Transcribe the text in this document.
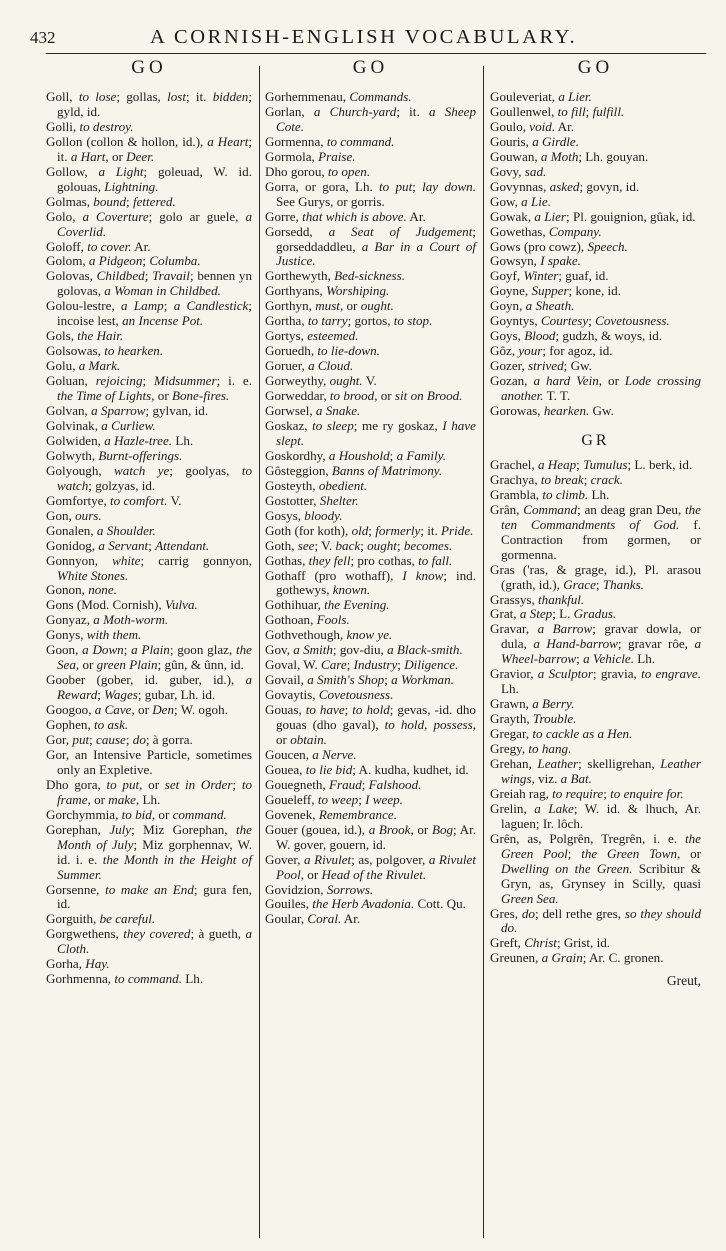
432	A CORNISH-ENGLISH VOCABULARY.
GO	GO	GO

Goll, to lose; gollas, lost; it. bidden; gyld, id.

Golli, to destroy.

Gollon (collon & hollon, id.), a Heart; it. a Hart, or Deer.

Gollow, a Light; goleuad, W. id. golouas, Lightning.

Golmas, bound; fettered.

Golo, a Coverture; golo ar guele, a Coverlid.

Goloff, to cover. Ar.

Golom, a Pidgeon; Columba.

Golovas, Childbed; Travail; bennen yn golovas, a Woman in Childbed.

Golou-lestre, a Lamp; a Candlestick; incoise lest, an Incense Pot.

Gols, the Hair.

Golsowas, to hearken.

Golu, a Mark.

Goluan, rejoicing; Midsummer; i. e. the Time of Lights, or Bone-fires.

Golvan, a Sparrow; gylvan, id.

Golvinak, a Curliew.

Golwiden, a Hazle-tree. Lh.

Golwyth, Burnt-offerings.

Golyough, watch ye; goolyas, to watch; golzyas, id.

Gomfortye, to comfort. V.

Gon, ours.

Gonalen, a Shoulder.

Gonidog, a Servant; Attendant.

Gonnyon, white; carrig gonnyon, White Stones.

Gonon, none.

Gons (Mod. Cornish), Vulva.

Gonyaz, a Moth-worm.

Gonys, with them.

Goon, a Down; a Plain; goon glaz, the Sea, or green Plain; gûn, & ûnn, id.

Goober (gober, id. guber, id.), a Reward; Wages; gubar, Lh. id.

Googoo, a Cave, or Den; W. ogoh.

Gophen, to ask.

Gor, put; cause; do; à gorra.

Gor, an Intensive Particle, sometimes only an Expletive.

Dho gora, to put, or set in Order; to frame, or make, Lh.

Gorchymmia, to bid, or command.

Gorephan, July; Miz Gorephan, the Month of July; Miz gorphennav, W. id. i. e. the Month in the Height of Summer.

Gorsenne, to make an End; gura fen, id.

Gorguith, be careful.

Gorgwethens, they covered; à gueth, a Cloth.

Gorha, Hay.

Gorhmenna, to command. Lh.

Gorhemmenau, Commands.

Gorlan, a Church-yard; it. a Sheep Cote.

Gormenna, to command.

Gormola, Praise.

Dho gorou, to open.

Gorra, or gora, Lh. to put; lay down. See Gurys, or gorris.

Gorre, that which is above. Ar.

Gorsedd, a Seat of Judgement; gorseddaddleu, a Bar in a Court of Justice.

Gorthewyth, Bed-sickness.

Gorthyans, Worshiping.

Gorthyn, must, or ought.

Gortha, to tarry; gortos, to stop.

Gortys, esteemed.

Goruedh, to lie-down.

Goruer, a Cloud.

Gorweythy, ought. V.

Gorweddar, to brood, or sit on Brood.

Gorwsel, a Snake.

Goskaz, to sleep; me ry goskaz, I have slept.

Goskordhy, a Houshold; a Family.

Gôsteggion, Banns of Matrimony.

Gosteyth, obedient.

Gostotter, Shelter.

Gosys, bloody.

Goth (for koth), old; formerly; it. Pride.

Goth, see; V. back; ought; becomes.

Gothas, they fell; pro cothas, to fall.

Gothaff (pro wothaff), I know; ind. gothewys, known.

Gothihuar, the Evening.

Gothoan, Fools.

Gothvethough, know ye.

Gov, a Smith; gov-diu, a Black-smith.

Goval, W. Care; Industry; Diligence.

Govail, a Smith's Shop; a Workman.

Govaytis, Covetousness.

Gouas, to have; to hold; gevas, -id. dho gouas (dho gaval), to hold, possess, or obtain.

Goucen, a Nerve.

Gouea, to lie bid; A. kudha, kudhet, id.

Gouegneth, Fraud; Falshood.

Goueleff, to weep; I weep.

Govenek, Remembrance.

Gouer (gouea, id.), a Brook, or Bog; Ar. W. gover, gouern, id.

Gover, a Rivulet; as, polgover, a Rivulet Pool, or Head of the Rivulet.

Govidzion, Sorrows.

Gouiles, the Herb Avadonia. Cott. Qu.

Goular, Coral. Ar.

Gouleveriat, a Lier.

Goullenwel, to fill; fulfill.

Goulo, void. Ar.

Gouris, a Girdle.

Gouwan, a Moth; Lh. gouyan.

Govy, sad.

Govynnas, asked; govyn, id.

Gow, a Lie.

Gowak, a Lier; Pl. gouignion, gûak, id.

Gowethas, Company.

Gows (pro cowz), Speech.

Gowsyn, I spake.

Goyf, Winter; guaf, id.

Goyne, Supper; kone, id.

Goyn, a Sheath.

Goyntys, Courtesy; Covetousness.

Goys, Blood; gudzh, & woys, id.

Gôz, your; for agoz, id.

Gozer, strived; Gw.

Gozan, a hard Vein, or Lode crossing another. T. T.

Gorowas, hearken. Gw.

GR

Grachel, a Heap; Tumulus; L. berk, id.

Grachya, to break; crack.

Grambla, to climb. Lh.

Grân, Command; an deag gran Deu, the ten Commandments of God. f. Contraction from gormen, or gormenna.

Gras ('ras, & grage, id.), Pl. arasou (grath, id.), Grace; Thanks.

Grassys, thankful.

Grat, a Step; L. Gradus.

Gravar, a Barrow; gravar dowla, or dula, a Hand-barrow; gravar rôe, a Wheel-barrow; a Vehicle. Lh.

Gravior, a Sculptor; gravia, to engrave. Lh.

Grawn, a Berry.

Grayth, Trouble.

Gregar, to cackle as a Hen.

Gregy, to hang.

Grehan, Leather; skelligrehan, Leather wings, viz. a Bat.

Greiah rag, to require; to enquire for.

Grelin, a Lake; W. id. & lhuch, Ar. laguen; Ir. lôch.

Grên, as, Polgrên, Tregrên, i. e. the Green Pool; the Green Town, or Dwelling on the Green. Scribitur & Gryn, as, Grynsey in Scilly, quasi Green Sea.

Gres, do; dell rethe gres, so they should do.

Greft, Christ; Grist, id.

Greunen, a Grain; Ar. C. gronen.

Greut,
